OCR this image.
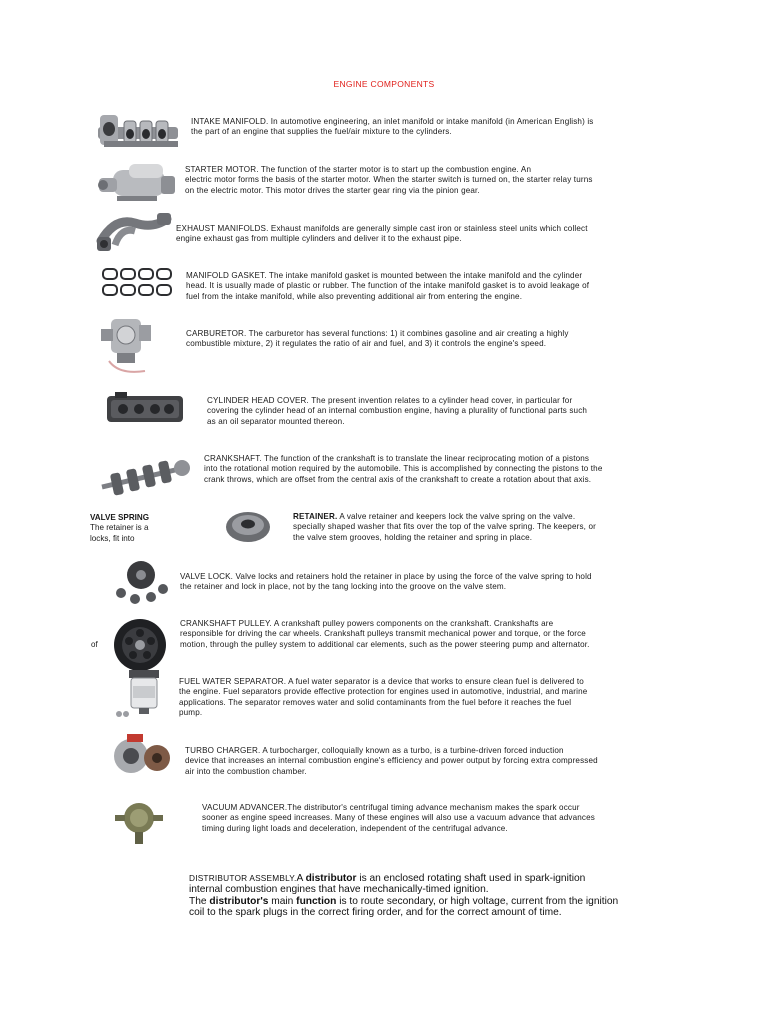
ENGINE COMPONENTS
INTAKE MANIFOLD. In automotive engineering, an inlet manifold or intake manifold (in American English) is
the part of an engine that supplies the fuel/air mixture to the cylinders.
STARTER MOTOR. The function of the starter motor is to start up the combustion engine. An
electric motor forms the basis of the starter motor. When the starter switch is turned on, the starter relay turns
on the electric motor. This motor drives the starter gear ring via the pinion gear.
EXHAUST MANIFOLDS. Exhaust manifolds are generally simple cast iron or stainless steel units which collect
engine exhaust gas from multiple cylinders and deliver it to the exhaust pipe.
MANIFOLD GASKET. The intake manifold gasket is mounted between the intake manifold and the cylinder
head. It is usually made of plastic or rubber. The function of the intake manifold gasket is to avoid leakage of
fuel from the intake manifold, while also preventing additional air from entering the engine.
CARBURETOR. The carburetor has several functions: 1) it combines gasoline and air creating a highly
combustible mixture, 2) it regulates the ratio of air and fuel, and 3) it controls the engine's speed.
CYLINDER HEAD COVER. The present invention relates to a cylinder head cover, in particular for
covering the cylinder head of an internal combustion engine, having a plurality of functional parts such
as an oil separator mounted thereon.
CRANKSHAFT. The function of the crankshaft is to translate the linear reciprocating motion of a pistons
into the rotational motion required by the automobile. This is accomplished by connecting the pistons to the
crank throws, which are offset from the central axis of the crankshaft to create a rotation about that axis.
VALVE SPRING
The retainer is a
locks, fit into
RETAINER. A valve retainer and keepers lock the valve spring on the valve.
specially shaped washer that fits over the top of the valve spring. The keepers, or
the valve stem grooves, holding the retainer and spring in place.
VALVE LOCK. Valve locks and retainers hold the retainer in place by using the force of the valve spring to hold
the retainer and lock in place, not by the tang locking into the groove on the valve stem.
of
CRANKSHAFT PULLEY. A crankshaft pulley powers components on the crankshaft. Crankshafts are
responsible for driving the car wheels. Crankshaft pulleys transmit mechanical power and torque, or the force
motion, through the pulley system to additional car elements, such as the power steering pump and alternator.
FUEL WATER SEPARATOR. A fuel water separator is a device that works to ensure clean fuel is delivered to
the engine. Fuel separators provide effective protection for engines used in automotive, industrial, and marine
applications. The separator removes water and solid contaminants from the fuel before it reaches the fuel
pump.
TURBO CHARGER. A turbocharger, colloquially known as a turbo, is a turbine-driven forced induction
device that increases an internal combustion engine's efficiency and power output by forcing extra compressed
air into the combustion chamber.
VACUUM ADVANCER.The distributor's centrifugal timing advance mechanism makes the spark occur
sooner as engine speed increases. Many of these engines will also use a vacuum advance that advances
timing during light loads and deceleration, independent of the centrifugal advance.
DISTRIBUTOR ASSEMBLY.A distributor is an enclosed rotating shaft used in spark-ignition
internal combustion engines that have mechanically-timed ignition.
The distributor's main function is to route secondary, or high voltage, current from the ignition
coil to the spark plugs in the correct firing order, and for the correct amount of time.
